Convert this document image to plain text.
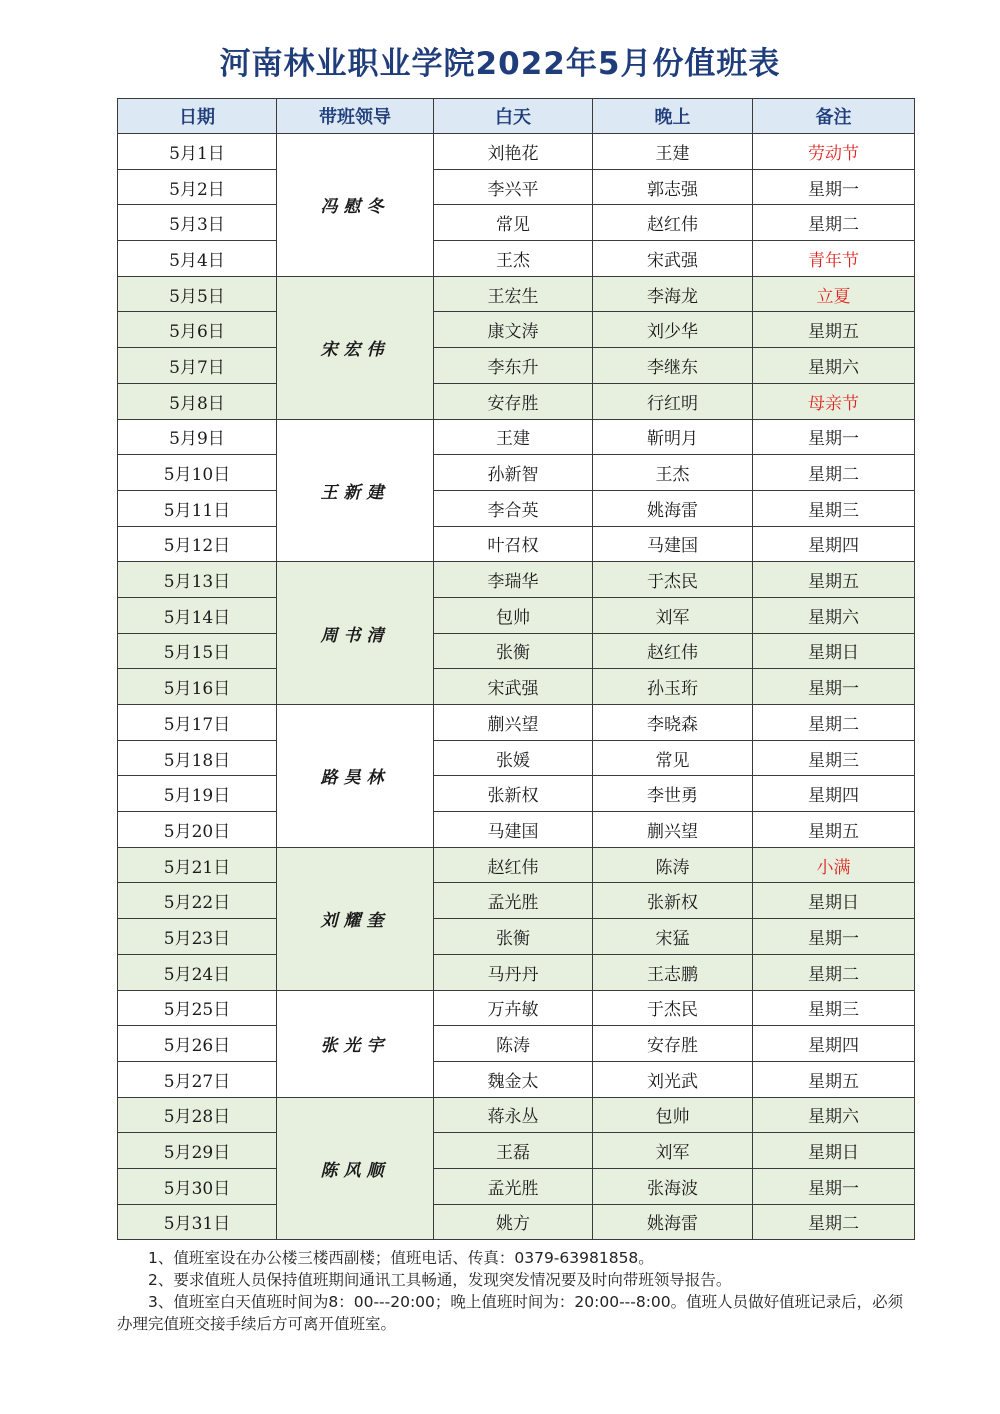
河南林业职业学院2022年5月份值班表
日期	带班领导	白天	晚上	备注
5月1日	冯慰冬	刘艳花	王建	劳动节
5月2日		李兴平	郭志强	星期一
5月3日		常见	赵红伟	星期二
5月4日		王杰	宋武强	青年节
5月5日	宋宏伟	王宏生	李海龙	立夏
5月6日		康文涛	刘少华	星期五
5月7日		李东升	李继东	星期六
5月8日		安存胜	行红明	母亲节
5月9日	王新建	王建	靳明月	星期一
5月10日		孙新智	王杰	星期二
5月11日		李合英	姚海雷	星期三
5月12日		叶召权	马建国	星期四
5月13日	周书清	李瑞华	于杰民	星期五
5月14日		包帅	刘军	星期六
5月15日		张衡	赵红伟	星期日
5月16日		宋武强	孙玉珩	星期一
5月17日	路昊林	蒯兴望	李晓森	星期二
5月18日		张媛	常见	星期三
5月19日		张新权	李世勇	星期四
5月20日		马建国	蒯兴望	星期五
5月21日	刘耀奎	赵红伟	陈涛	小满
5月22日		孟光胜	张新权	星期日
5月23日		张衡	宋猛	星期一
5月24日		马丹丹	王志鹏	星期二
5月25日	张光宇	万卉敏	于杰民	星期三
5月26日		陈涛	安存胜	星期四
5月27日		魏金太	刘光武	星期五
5月28日	陈风顺	蒋永丛	包帅	星期六
5月29日		王磊	刘军	星期日
5月30日		孟光胜	张海波	星期一
5月31日		姚方	姚海雷	星期二

1、值班室设在办公楼三楼西副楼；值班电话、传真：0379-63981858。

2、要求值班人员保持值班期间通讯工具畅通，发现突发情况要及时向带班领导报告。

3、值班室白天值班时间为8：00---20:00；晚上值班时间为：20:00---8:00。值班人员做好值班记录后，必须办理完值班交接手续后方可离开值班室。
